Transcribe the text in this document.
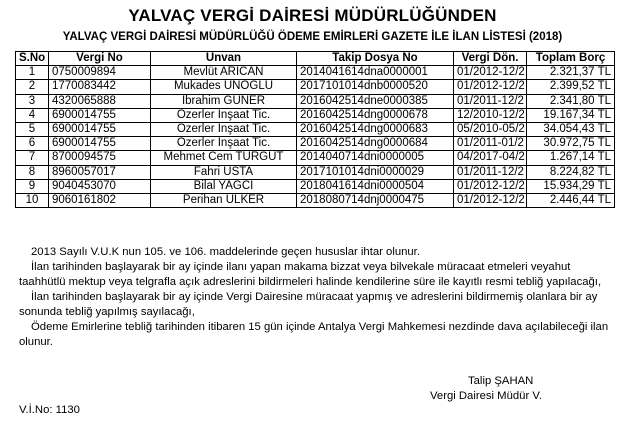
YALVAÇ VERGİ DAİRESİ MÜDÜRLÜĞÜNDEN
YALVAÇ VERGİ DAİRESİ MÜDÜRLÜĞÜ ÖDEME EMİRLERİ GAZETE İLE İLAN LİSTESİ (2018)
S.No	Vergi No	Ünvan	Takip Dosya No	Vergi Dön.	Toplam Borç
1	0750009894	Mevlüt ARICAN	2014041614dna0000001	01/2012-12/2	2.321,37 TL
2	1770083442	Mukades ÜNOĞLU	2017101014dnb0000520	01/2012-12/2	2.399,52 TL
3	4320065888	İbrahim GÜNER	2016042514dne0000385	01/2011-12/2	2.341,80 TL
4	6900014755	Özerler İnşaat Tic.	2016042514dng0000678	12/2010-12/2	19.167,34 TL
5	6900014755	Özerler İnşaat Tic.	2016042514dng0000683	05/2010-05/2	34.054,43 TL
6	6900014755	Özerler İnşaat Tic.	2016042514dng0000684	01/2011-01/2	30.972,75 TL
7	8700094575	Mehmet Cem TURGUT	2014040714dni0000005	04/2017-04/2	1.267,14 TL
8	8960057017	Fahri USTA	2017101014dni0000029	01/2011-12/2	8.224,82 TL
9	9040453070	Bilal YAĞCI	2018041614dni0000504	01/2012-12/2	15.934,29 TL
10	9060161802	Perihan ÜLKER	2018080714dnj0000475	01/2012-12/2	2.446,44 TL

2013 Sayılı V.U.K nun 105. ve 106. maddelerinde geçen hususlar ihtar olunur.

İlan tarihinden başlayarak bir ay içinde ilanı yapan makama bizzat veya bilvekale müracaat etmeleri veyahut taahhütlü mektup veya telgrafla açık adreslerini bildirmeleri halinde kendilerine süre ile kayıtlı resmi tebliğ yapılacağı,

İlan tarihinden başlayarak bir ay içinde Vergi Dairesine müracaat yapmış ve adreslerini bildirmemiş olanlara bir ay sonunda tebliğ yapılmış sayılacağı,

Ödeme Emirlerine tebliğ tarihinden itibaren 15 gün içinde Antalya Vergi Mahkemesi nezdinde dava açılabileceği ilan olunur.

Talip ŞAHAN
Vergi Dairesi Müdür V.
V.İ.No: 1130
